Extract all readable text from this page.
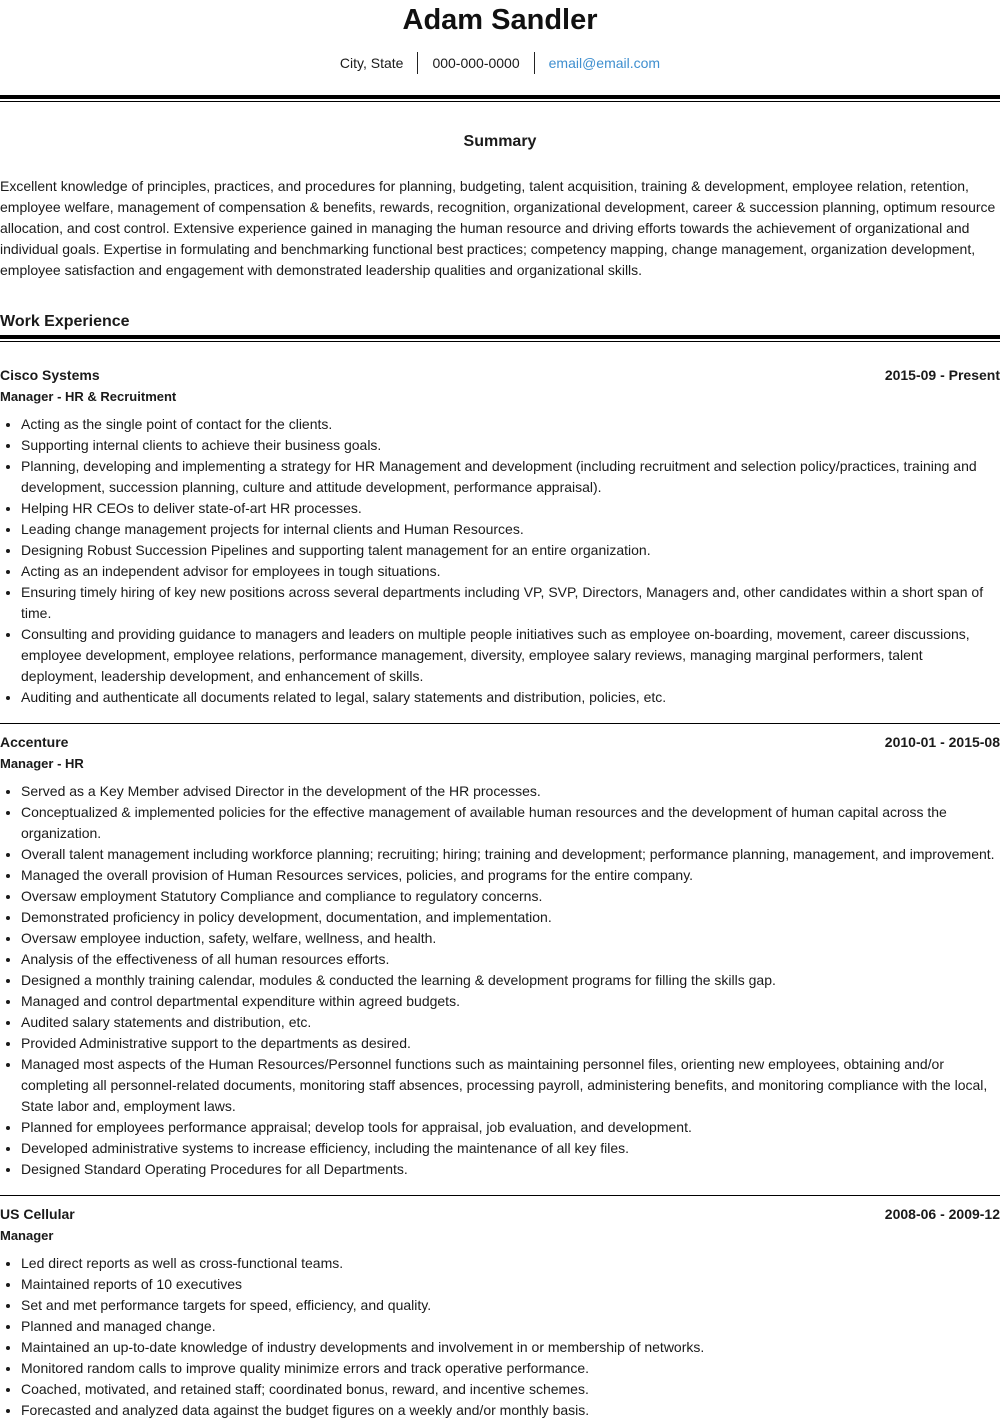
Adam Sandler
City, State	000-000-0000	email@email.com
Summary

Excellent knowledge of principles, practices, and procedures for planning, budgeting, talent acquisition, training & development, employee relation, retention, employee welfare, management of compensation & benefits, rewards, recognition, organizational development, career & succession planning, optimum resource allocation, and cost control. Extensive experience gained in managing the human resource and driving efforts towards the achievement of organizational and individual goals. Expertise in formulating and benchmarking functional best practices; competency mapping, change management, organization development, employee satisfaction and engagement with demonstrated leadership qualities and organizational skills.

Work Experience
Cisco Systems	2015-09 - Present
Manager - HR & Recruitment
• Acting as the single point of contact for the clients.
• Supporting internal clients to achieve their business goals.
• Planning, developing and implementing a strategy for HR Management and development (including recruitment and selection policy/practices, training and development, succession planning, culture and attitude development, performance appraisal).
• Helping HR CEOs to deliver state-of-art HR processes.
• Leading change management projects for internal clients and Human Resources.
• Designing Robust Succession Pipelines and supporting talent management for an entire organization.
• Acting as an independent advisor for employees in tough situations.
• Ensuring timely hiring of key new positions across several departments including VP, SVP, Directors, Managers and, other candidates within a short span of time.
• Consulting and providing guidance to managers and leaders on multiple people initiatives such as employee on-boarding, movement, career discussions, employee development, employee relations, performance management, diversity, employee salary reviews, managing marginal performers, talent deployment, leadership development, and enhancement of skills.
• Auditing and authenticate all documents related to legal, salary statements and distribution, policies, etc.
Accenture	2010-01 - 2015-08
Manager - HR
• Served as a Key Member advised Director in the development of the HR processes.
• Conceptualized & implemented policies for the effective management of available human resources and the development of human capital across the organization.
• Overall talent management including workforce planning; recruiting; hiring; training and development; performance planning, management, and improvement.
• Managed the overall provision of Human Resources services, policies, and programs for the entire company.
• Oversaw employment Statutory Compliance and compliance to regulatory concerns.
• Demonstrated proficiency in policy development, documentation, and implementation.
• Oversaw employee induction, safety, welfare, wellness, and health.
• Analysis of the effectiveness of all human resources efforts.
• Designed a monthly training calendar, modules & conducted the learning & development programs for filling the skills gap.
• Managed and control departmental expenditure within agreed budgets.
• Audited salary statements and distribution, etc.
• Provided Administrative support to the departments as desired.
• Managed most aspects of the Human Resources/Personnel functions such as maintaining personnel files, orienting new employees, obtaining and/or completing all personnel-related documents, monitoring staff absences, processing payroll, administering benefits, and monitoring compliance with the local, State labor and, employment laws.
• Planned for employees performance appraisal; develop tools for appraisal, job evaluation, and development.
• Developed administrative systems to increase efficiency, including the maintenance of all key files.
• Designed Standard Operating Procedures for all Departments.
US Cellular	2008-06 - 2009-12
Manager
• Led direct reports as well as cross-functional teams.
• Maintained reports of 10 executives
• Set and met performance targets for speed, efficiency, and quality.
• Planned and managed change.
• Maintained an up-to-date knowledge of industry developments and involvement in or membership of networks.
• Monitored random calls to improve quality minimize errors and track operative performance.
• Coached, motivated, and retained staff; coordinated bonus, reward, and incentive schemes.
• Forecasted and analyzed data against the budget figures on a weekly and/or monthly basis.
